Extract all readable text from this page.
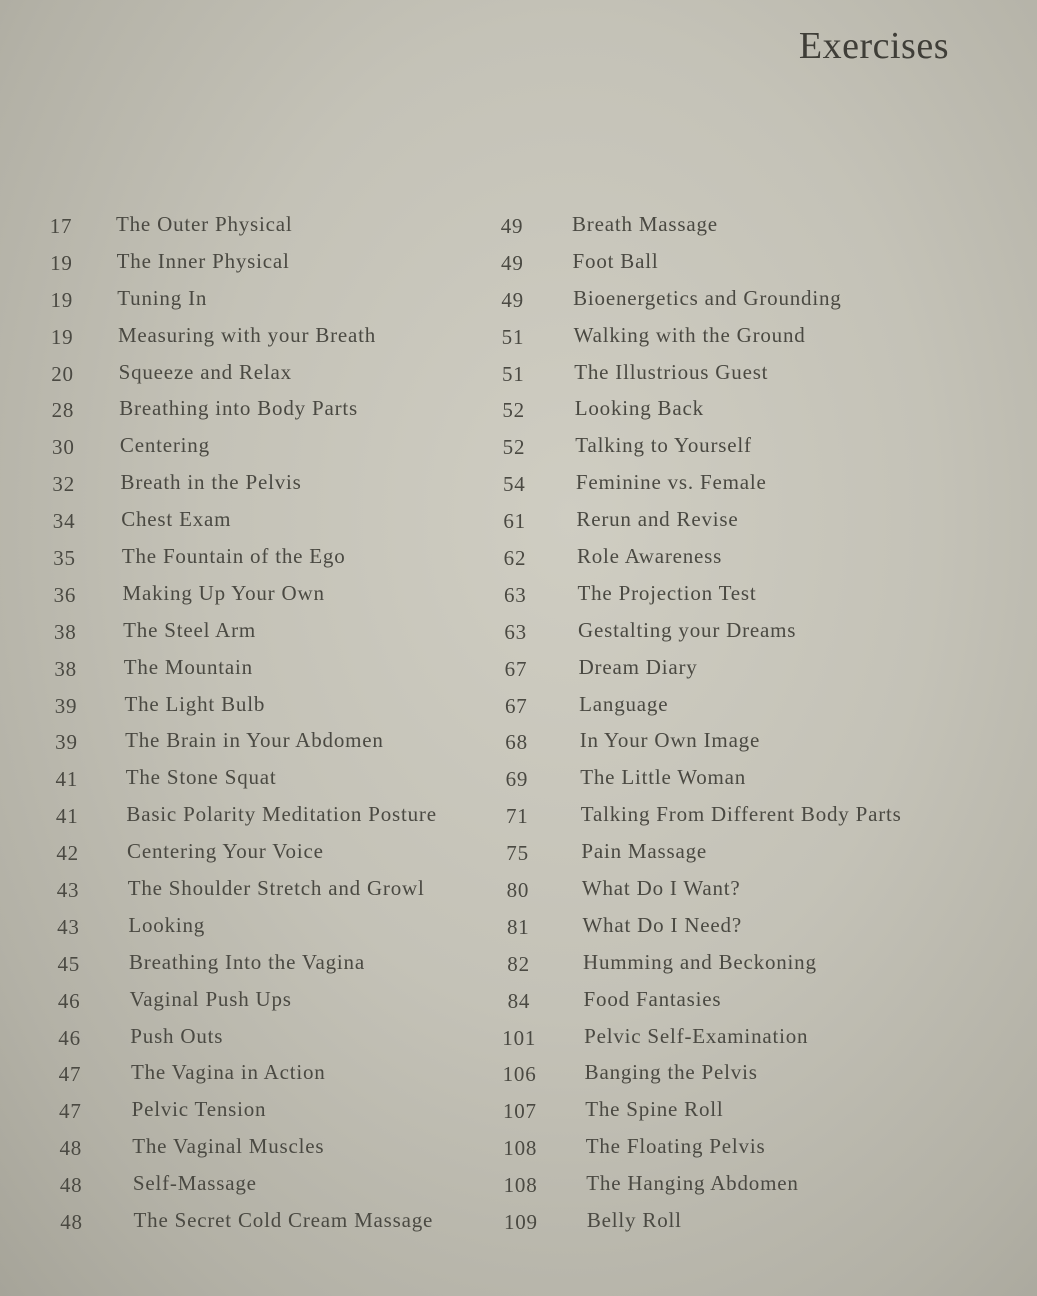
Exercises
17	The Outer Physical
19	The Inner Physical
19	Tuning In
19	Measuring with your Breath
20	Squeeze and Relax
28	Breathing into Body Parts
30	Centering
32	Breath in the Pelvis
34	Chest Exam
35	The Fountain of the Ego
36	Making Up Your Own
38	The Steel Arm
38	The Mountain
39	The Light Bulb
39	The Brain in Your Abdomen
41	The Stone Squat
41	Basic Polarity Meditation Posture
42	Centering Your Voice
43	The Shoulder Stretch and Growl
43	Looking
45	Breathing Into the Vagina
46	Vaginal Push Ups
46	Push Outs
47	The Vagina in Action
47	Pelvic Tension
48	The Vaginal Muscles
48	Self-Massage
48	The Secret Cold Cream Massage
49	Breath Massage
49	Foot Ball
49	Bioenergetics and Grounding
51	Walking with the Ground
51	The Illustrious Guest
52	Looking Back
52	Talking to Yourself
54	Feminine vs. Female
61	Rerun and Revise
62	Role Awareness
63	The Projection Test
63	Gestalting your Dreams
67	Dream Diary
67	Language
68	In Your Own Image
69	The Little Woman
71	Talking From Different Body Parts
75	Pain Massage
80	What Do I Want?
81	What Do I Need?
82	Humming and Beckoning
84	Food Fantasies
101 Pelvic Self-Examination
106 Banging the Pelvis
107 The Spine Roll
108 The Floating Pelvis
108 The Hanging Abdomen
109 Belly Roll
